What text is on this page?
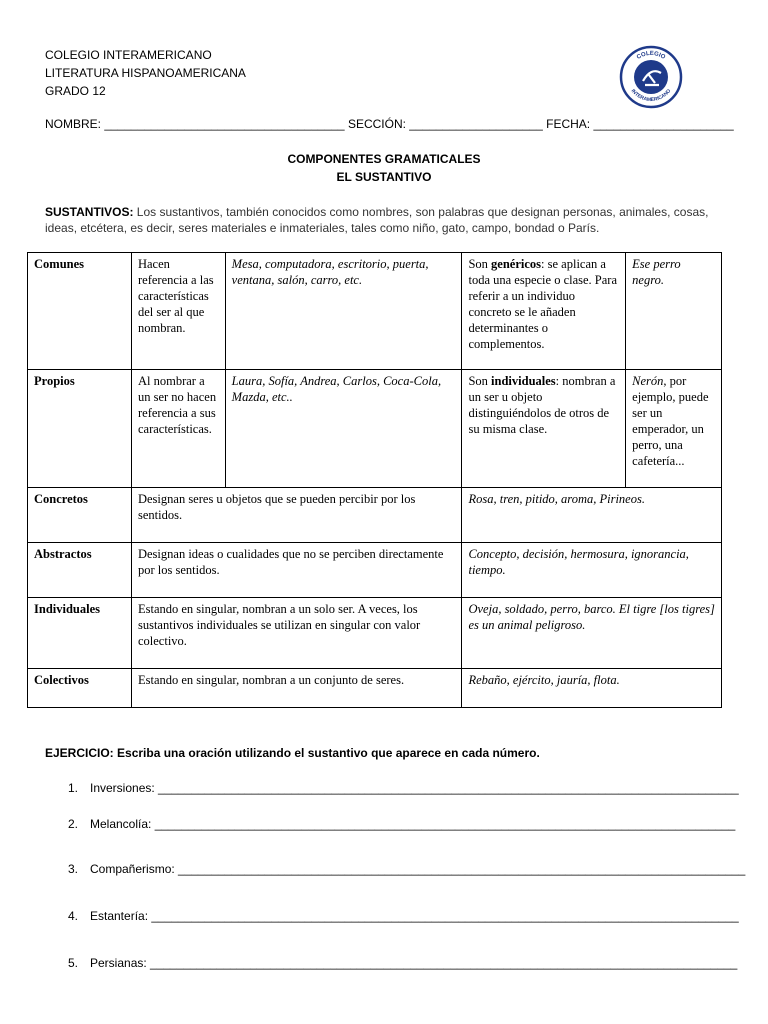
COLEGIO INTERAMERICANO
LITERATURA HISPANOAMERICANA
GRADO 12
COLEGIO
INTERAMERICANO
NOMBRE: ____________________________________ SECCIÓN: ____________________ FECHA: _____________________
COMPONENTES GRAMATICALES
EL SUSTANTIVO
SUSTANTIVOS: Los sustantivos, también conocidos como nombres, son palabras que designan personas, animales, cosas, ideas, etcétera, es decir, seres materiales e inmateriales, tales como niño, gato, campo, bondad o París.
Comunes	Hacen referencia a las características del ser al que nombran.	Mesa, computadora, escritorio, puerta, ventana, salón, carro, etc.	Son genéricos: se aplican a toda una especie o clase. Para referir a un individuo concreto se le añaden determinantes o complementos.	Ese perro negro.
Propios	Al nombrar a un ser no hacen referencia a sus características.	Laura, Sofía, Andrea, Carlos, Coca-Cola, Mazda, etc..	Son individuales: nombran a un ser u objeto distinguiéndolos de otros de su misma clase.	Nerón, por ejemplo, puede ser un emperador, un perro, una cafetería...
Concretos	Designan seres u objetos que se pueden percibir por los sentidos.		Rosa, tren, pitido, aroma, Pirineos.	
Abstractos	Designan ideas o cualidades que no se perciben directamente por los sentidos.		Concepto, decisión, hermosura, ignorancia, tiempo.	
Individuales	Estando en singular, nombran a un solo ser. A veces, los sustantivos individuales se utilizan en singular con valor colectivo.		Oveja, soldado, perro, barco. El tigre [los tigres] es un animal peligroso.	
Colectivos	Estando en singular, nombran a un conjunto de seres.		Rebaño, ejército, jauría, flota.	
EJERCICIO: Escriba una oración utilizando el sustantivo que aparece en cada número.
1. Inversiones: _______________________________________________________________________________________
2. Melancolía: _______________________________________________________________________________________
3. Compañerismo: _____________________________________________________________________________________
4. Estantería: ________________________________________________________________________________________
5. Persianas: ________________________________________________________________________________________
